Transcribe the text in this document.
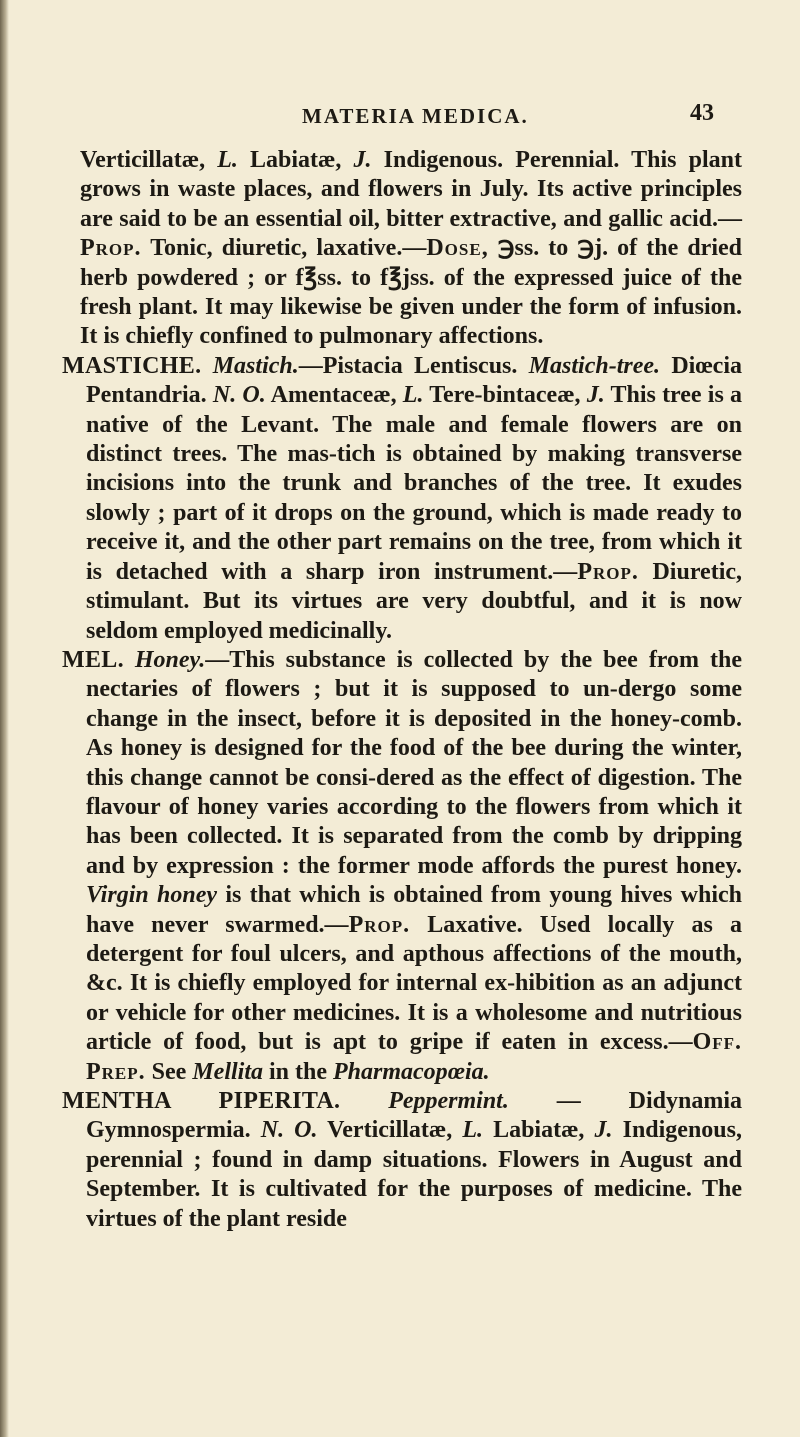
MATERIA MEDICA.	43

Verticillatæ, L. Labiatæ, J. Indigenous. Perennial. This plant grows in waste places, and flowers in July. Its active principles are said to be an essential oil, bitter extractive, and gallic acid.—Prop. Tonic, diuretic, laxative.—Dose, ℈ss. to ℈j. of the dried herb powdered ; or f℥ss. to f℥jss. of the expressed juice of the fresh plant. It may likewise be given under the form of infusion. It is chiefly confined to pulmonary affections.

MASTICHE. Mastich.—Pistacia Lentiscus. Mastich-tree. Diœcia Pentandria. N. O. Amentaceæ, L. Tere-bintaceæ, J. This tree is a native of the Levant. The male and female flowers are on distinct trees. The mas-tich is obtained by making transverse incisions into the trunk and branches of the tree. It exudes slowly ; part of it drops on the ground, which is made ready to receive it, and the other part remains on the tree, from which it is detached with a sharp iron instrument.—Prop. Diuretic, stimulant. But its virtues are very doubtful, and it is now seldom employed medicinally.

MEL. Honey.—This substance is collected by the bee from the nectaries of flowers ; but it is supposed to un-dergo some change in the insect, before it is deposited in the honey-comb. As honey is designed for the food of the bee during the winter, this change cannot be consi-dered as the effect of digestion. The flavour of honey varies according to the flowers from which it has been collected. It is separated from the comb by dripping and by expression : the former mode affords the purest honey. Virgin honey is that which is obtained from young hives which have never swarmed.—Prop. Laxative. Used locally as a detergent for foul ulcers, and apthous affections of the mouth, &c. It is chiefly employed for internal ex-hibition as an adjunct or vehicle for other medicines. It is a wholesome and nutritious article of food, but is apt to gripe if eaten in excess.—Off. Prep. See Mellita in the Pharmacopœia.

MENTHA PIPERITA. Peppermint. — Didynamia Gymnospermia. N. O. Verticillatæ, L. Labiatæ, J. Indigenous, perennial ; found in damp situations. Flowers in August and September. It is cultivated for the purposes of medicine. The virtues of the plant reside
